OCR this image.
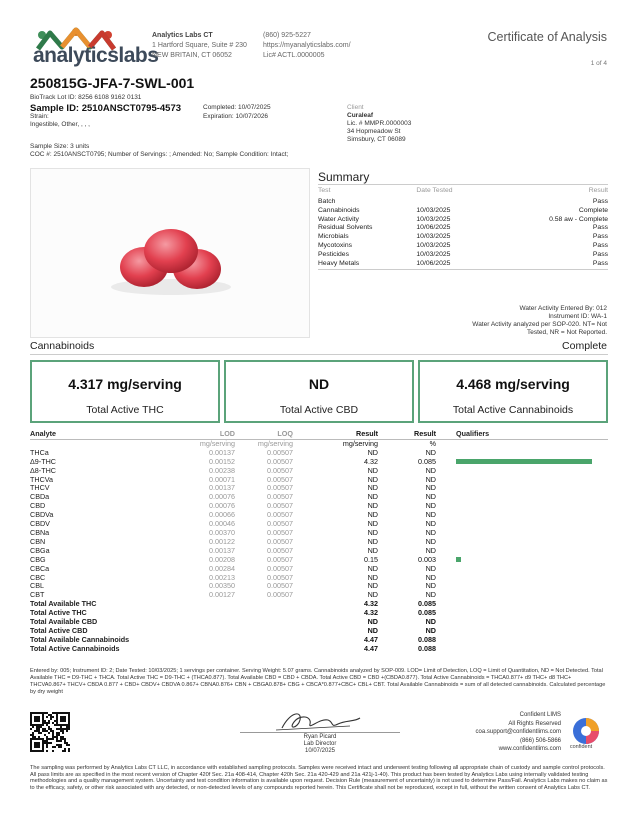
analyticslabs
Analytics Labs CT
1 Hartford Square, Suite # 230
NEW BRITAIN, CT 06052
(860) 925-5227
https://myanalyticslabs.com/
Lic# ACTL.0000005
Certificate of Analysis
1 of 4
250815G-JFA-7-SWL-001
BioTrack Lot ID: 8256 6108 9162 0131
Sample ID: 2510ANSCT0795-4573	Completed: 10/07/2025
Expiration: 10/07/2026
Strain:
Ingestible, Other, , , ,
Sample Size: 3 units
COC #: 2510ANSCT0795; Number of Servings: ; Amended: No; Sample Condition: Intact;
Client
Curaleaf
Lic. # MMPR.0000003
34 Hopmeadow St
Simsbury, CT 06089
Summary
Test	Date Tested	Result
Batch		Pass
Cannabinoids	10/03/2025	Complete
Water Activity	10/03/2025	0.58 aw - Complete
Residual Solvents	10/06/2025	Pass
Microbials	10/03/2025	Pass
Mycotoxins	10/03/2025	Pass
Pesticides	10/03/2025	Pass
Heavy Metals	10/06/2025	Pass
Water Activity Entered By: 012
Instrument ID: WA-1
Water Activity analyzed per SOP-020. NT= Not
Tested, NR = Not Reported.
Cannabinoids	Complete
4.317 mg/serving
Total Active THC
ND
Total Active CBD
4.468 mg/serving
Total Active Cannabinoids
Analyte	LOD	LOQ	Result	Result	Qualifiers
	mg/serving	mg/serving	mg/serving	%	
THCa	0.00137	0.00507	ND	ND	
Δ9-THC	0.00152	0.00507	4.32	0.085	
Δ8-THC	0.00238	0.00507	ND	ND	
THCVa	0.00071	0.00507	ND	ND	
THCV	0.00137	0.00507	ND	ND	
CBDa	0.00076	0.00507	ND	ND	
CBD	0.00076	0.00507	ND	ND	
CBDVa	0.00066	0.00507	ND	ND	
CBDV	0.00046	0.00507	ND	ND	
CBNa	0.00370	0.00507	ND	ND	
CBN	0.00122	0.00507	ND	ND	
CBGa	0.00137	0.00507	ND	ND	
CBG	0.00208	0.00507	0.15	0.003	
CBCa	0.00284	0.00507	ND	ND	
CBC	0.00213	0.00507	ND	ND	
CBL	0.00350	0.00507	ND	ND	
CBT	0.00127	0.00507	ND	ND	
Total Available THC			4.32	0.085	
Total Active THC			4.32	0.085	
Total Available CBD			ND	ND	
Total Active CBD			ND	ND	
Total Available Cannabinoids			4.47	0.088	
Total Active Cannabinoids			4.47	0.088	
Entered by: 005; Instrument ID: 2; Date Tested: 10/03/2025; 1 servings per container. Serving Weight: 5.07 grams. Cannabinoids analyzed by SOP-009. LOD= Limit of Detection, LOQ = Limit of Quantitation, ND = Not Detected. Total Available THC = D9-THC + THCA. Total Active THC = D9-THC + (THCA0.877). Total Available CBD = CBD + CBDA. Total Active CBD = CBD +(CBDA0.877). Total Active Cannabinoids = THCA0.877+ d9 THC+ d8 THC+ THCVA0.867+ THCV+ CBDA 0.877 + CBD+ CBDV+ CBDVA 0.867+ CBNA0.876+ CBN + CBGA0.878+ CBG + CBCA*0.877+CBC+ CBL+ CBT. Total Available Cannabinoids = sum of all detected cannabinoids. Calculated percentage by dry weight
Ryan Picard
Lab Director
10/07/2025
Confident LIMS
All Rights Reserved
coa.support@confidentlims.com
(866) 506-5866
www.confidentlims.com	confident
The sampling was performed by Analytics Labs CT LLC, in accordance with established sampling protocols. Samples were received intact and underwent testing following all appropriate chain of custody and sample control protocols. All pass limits are as specified in the most recent version of Chapter 420f Sec. 21a 408-414, Chapter 420h Sec. 21a 420-429 and 21a 421j-1-40). This product has been tested by Analytics Labs using internally validated testing methodologies and a quality management system. Uncertainty and test condition information is available upon request. Decision Rule (measurement of uncertainty) is not used to determine Pass/Fail. Analytics Labs makes no claim as to the efficacy, safety, or other risk associated with any detected, or non-detected levels of any compounds reported herein. This Certificate shall not be reproduced, except in full, without the written consent of Analytics Labs CT.
